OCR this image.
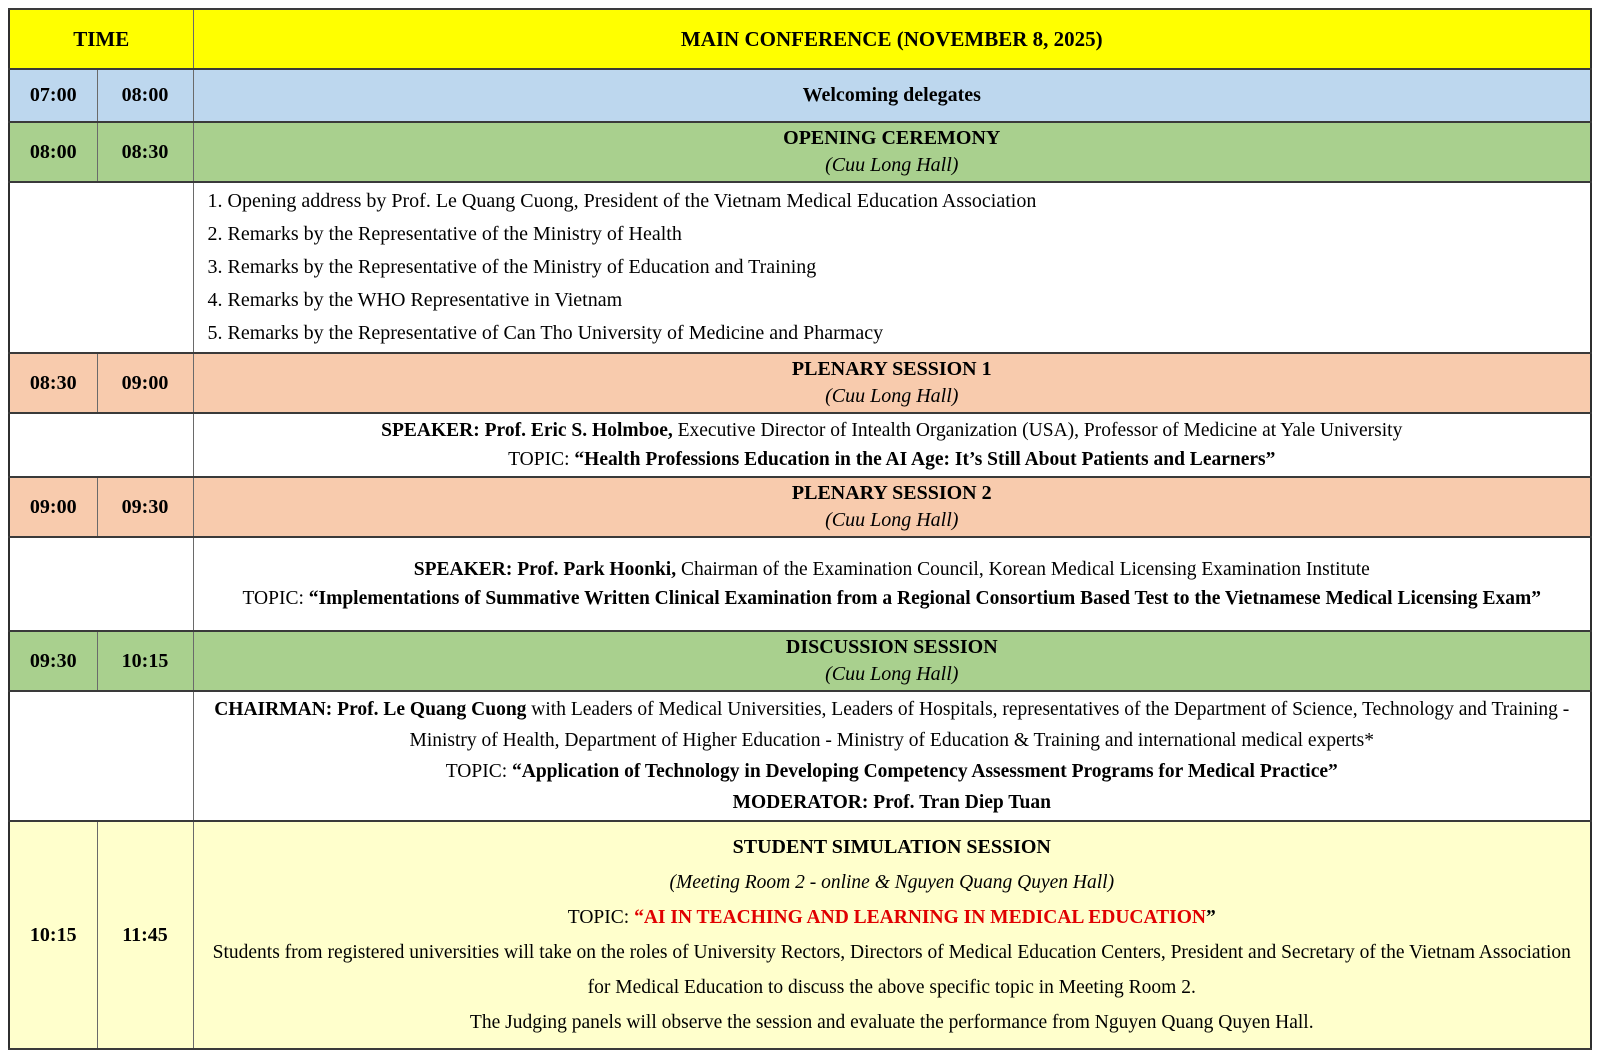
TIME		MAIN CONFERENCE (NOVEMBER 8, 2025)
07:00	08:00	Welcoming delegates
08:00	08:30	OPENING CEREMONY
(Cuu Long Hall)

		1. Opening address by Prof. Le Quang Cuong, President of the Vietnam Medical Education Association
2. Remarks by the Representative of the Ministry of Health
3. Remarks by the Representative of the Ministry of Education and Training
4. Remarks by the WHO Representative in Vietnam
5. Remarks by the Representative of Can Tho University of Medicine and Pharmacy

08:30	09:00	PLENARY SESSION 1
(Cuu Long Hall)

		SPEAKER: Prof. Eric S. Holmboe, Executive Director of Intealth Organization (USA), Professor of Medicine at Yale University

TOPIC: “Health Professions Education in the AI Age: It’s Still About Patients and Learners”

09:00	09:30	PLENARY SESSION 2
(Cuu Long Hall)

		SPEAKER: Prof. Park Hoonki, Chairman of the Examination Council, Korean Medical Licensing Examination Institute

TOPIC: “Implementations of Summative Written Clinical Examination from a Regional Consortium Based Test to the Vietnamese Medical Licensing Exam”

09:30	10:15	DISCUSSION SESSION
(Cuu Long Hall)

		CHAIRMAN: Prof. Le Quang Cuong with Leaders of Medical Universities, Leaders of Hospitals, representatives of the Department of Science, Technology and Training - Ministry of Health, Department of Higher Education - Ministry of Education & Training and international medical experts*

TOPIC: “Application of Technology in Developing Competency Assessment Programs for Medical Practice”

MODERATOR: Prof. Tran Diep Tuan

10:15	11:45	STUDENT SIMULATION SESSION
(Meeting Room 2 - online & Nguyen Quang Quyen Hall)

TOPIC: “AI IN TEACHING AND LEARNING IN MEDICAL EDUCATION”

Students from registered universities will take on the roles of University Rectors, Directors of Medical Education Centers, President and Secretary of the Vietnam Association for Medical Education to discuss the above specific topic in Meeting Room 2.

The Judging panels will observe the session and evaluate the performance from Nguyen Quang Quyen Hall.
